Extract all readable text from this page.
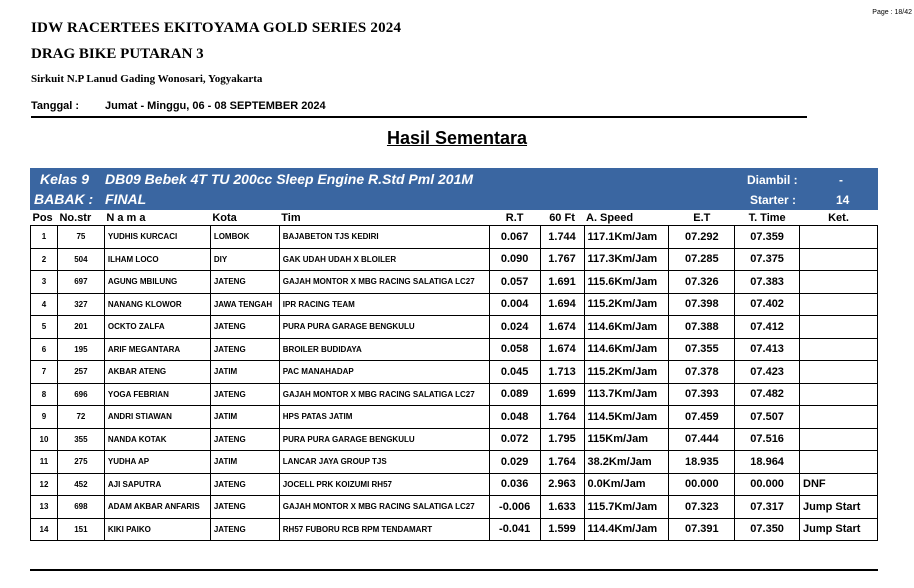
Page : 18/42
IDW RACERTEES EKITOYAMA GOLD SERIES 2024
DRAG BIKE PUTARAN 3
Sirkuit N.P Lanud Gading Wonosari, Yogyakarta
Tanggal : Jumat - Minggu, 06 - 08 SEPTEMBER 2024
Hasil Sementara
Kelas 9 DB09 Bebek 4T TU 200cc Sleep Engine R.Std Pml 201M
BABAK : FINAL
Diambil :	-
Starter :	14
Pos	No.str	N a m a	Kota	Tim	R.T	60 Ft	A. Speed	E.T	T. Time	Ket.
1	75	YUDHIS KURCACI	LOMBOK	BAJABETON TJS KEDIRI	0.067	1.744	117.1Km/Jam	07.292	07.359	
2	504	ILHAM LOCO	DIY	GAK UDAH UDAH X BLOILER	0.090	1.767	117.3Km/Jam	07.285	07.375	
3	697	AGUNG MBILUNG	JATENG	GAJAH MONTOR X MBG RACING SALATIGA LC27	0.057	1.691	115.6Km/Jam	07.326	07.383	
4	327	NANANG KLOWOR	JAWA TENGAH	IPR RACING TEAM	0.004	1.694	115.2Km/Jam	07.398	07.402	
5	201	OCKTO ZALFA	JATENG	PURA PURA GARAGE BENGKULU	0.024	1.674	114.6Km/Jam	07.388	07.412	
6	195	ARIF MEGANTARA	JATENG	BROILER BUDIDAYA	0.058	1.674	114.6Km/Jam	07.355	07.413	
7	257	AKBAR ATENG	JATIM	PAC MANAHADAP	0.045	1.713	115.2Km/Jam	07.378	07.423	
8	696	YOGA FEBRIAN	JATENG	GAJAH MONTOR X MBG RACING SALATIGA LC27	0.089	1.699	113.7Km/Jam	07.393	07.482	
9	72	ANDRI STIAWAN	JATIM	HPS PATAS JATIM	0.048	1.764	114.5Km/Jam	07.459	07.507	
10	355	NANDA KOTAK	JATENG	PURA PURA GARAGE BENGKULU	0.072	1.795	115Km/Jam	07.444	07.516	
11	275	YUDHA AP	JATIM	LANCAR JAYA GROUP TJS	0.029	1.764	38.2Km/Jam	18.935	18.964	
12	452	AJI SAPUTRA	JATENG	JOCELL PRK KOIZUMI RH57	0.036	2.963	0.0Km/Jam	00.000	00.000	DNF
13	698	ADAM AKBAR ANFARIS	JATENG	GAJAH MONTOR X MBG RACING SALATIGA LC27	-0.006	1.633	115.7Km/Jam	07.323	07.317	Jump Start
14	151	KIKI PAIKO	JATENG	RH57 FUBORU RCB RPM TENDAMART	-0.041	1.599	114.4Km/Jam	07.391	07.350	Jump Start
